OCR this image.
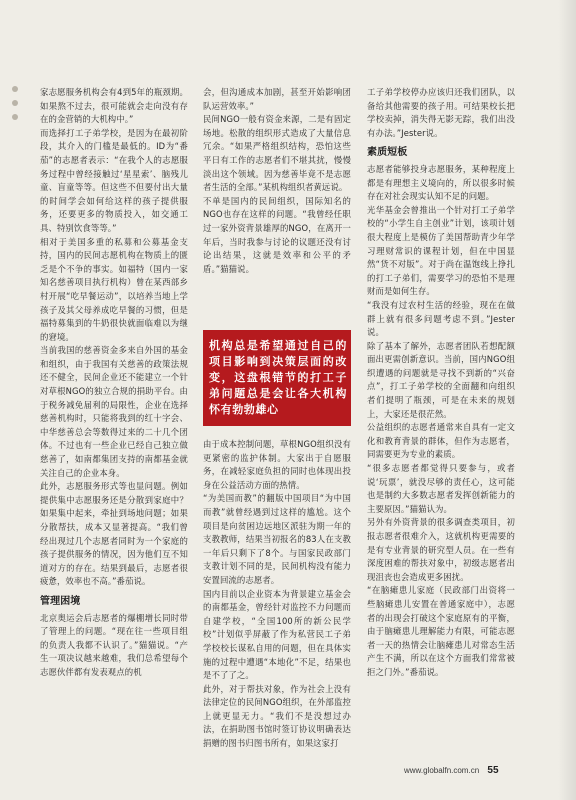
家志愿服务机构会有4到5年的瓶颈期。如果熬不过去，很可能就会走向没有存在的金营销的大机构中。”

而选择打工子弟学校，是因为在最初阶段，其介入的门槛是最低的。ID为“番茄”的志愿者表示：“在我个人的志愿服务过程中曾经接触过‘星星索’、脑残儿童、盲童等等。但这些不但要付出大量的时间学会如何给这样的孩子提供服务，还要更多的物质投入，如交通工具、特别饮食等等。”

相对于美国多重的私募和公募基金支持，国内的民间志愿机构在物质上的匮乏是个不争的事实。如福特（国内一家知名慈善项目执行机构）曾在某西部乡村开展“吃早餐运动”，以培养当地上学孩子及其父母养成吃早餐的习惯，但是福特募集到的牛奶很快就面临难以为继的窘境。

当前我国的慈善资金多来自外国的基金和组织，由于我国有关慈善的政策法规还不健全，民间企业还不能建立一个针对草根NGO的独立合规的捐助平台。由于税务减免届利的局限性，企业在选择慈善机构时，只能将我到的红十字会、中华慈善总会等数得过来的二十几个团体。不过也有一些企业已经自己独立做慈善了，如南都集团支持的南都基金就关注自己的企业本身。

此外，志愿服务形式等也显问题。例如提供集中志愿服务还是分散到家庭中？如果集中起来，牵扯到场地问题；如果分散帮扶，成本又显著提高。“我们曾经出现过几个志愿者同时为一个家庭的孩子提供服务的情况，因为他们互不知道对方的存在。结果到最后，志愿者很疲惫，效率也不高。”番茄说。

管理困境

北京奥运会后志愿者的爆棚增长同时带了管理上的问题。“现在往一些项目组的负责人我都不认识了。”猫猫说。“产生一项决议越来越难，我们总希望每个志愿伙伴都有发表观点的机

会，但沟通成本加剧，甚至开始影响团队运营效率。”

民间NGO一般有资金来源，二是有固定场地。松散的组织形式造成了大量信息冗余。“如果严格组织结构，恐怕这些平日有工作的志愿者们不堪其扰，慢慢淡出这个领域。因为慈善毕竟不是志愿者生活的全部。”某机构组织者黄远说。

不单是国内的民间组织，国际知名的NGO也存在这样的问题。“我曾经任职过一家外资背景雄厚的NGO，在离开一年后，当时我参与讨论的议题还没有讨论出结果，这就是效率和公平的矛盾。”猫猫说。

机构总是希望通过自己的项目影响到决策层面的改变，这盘根错节的打工子弟问题总是会让各大机构怀有勃勃雄心

由于成本控制问题，草根NGO组织没有更紧密的监护体制。大家出于自愿服务，在减轻家庭负担的同时也体现出投身在公益活动方面的热情。

“为美国而教”的翻版中国项目“为中国而教”就曾经遇到过这样的尴尬。这个项目是向贫困边远地区派驻为期一年的支教教师，结果当初报名的83人在支教一年后只剩下了8个。与国家民政部门支教计划不同的是，民间机构没有能力安置回流的志愿者。

国内目前以企业资本为背景建立基金会的南都基金，曾经针对监控不力问题而自建学校，“全国100所的新公民学校”计划似乎屏蔽了作为私营民工子弟学校校长谋私自用的问题，但在具体实施的过程中遭遇“本地化”不足，结果也是不了了之。

此外，对于帮扶对象，作为社会上没有法律定位的民间NGO组织，在外部监控上就更显无力。“我们不是没想过办法，在捐助图书馆时签订协议明确表达捐赠的图书归图书所有，如果这家打

工子弟学校停办应该归还我们团队，以备给其他需要的孩子用。可结果校长把学校卖掉，消失得无影无踪，我们出没有办法。”Jester说。

素质短板

志愿者能够投身志愿服务，某种程度上都是有理想主义境向的，所以很多时候存在对社会现实认知不足的问题。

光华基金会曾推出一个针对打工子弟学校的“小学生自主创业”计划，该项计划很大程度上是模仿了美国帮助青少年学习理财常识的课程计划，但在中国显然“货不对版”。对于尚在温饱线上挣扎的打工子弟们，需要学习的恐怕不是理财而是如何生存。

“我没有过农村生活的经验，现在在做群上就有很多问题考虑不到。”Jester说。

除了基本了解外，志愿者团队若想配额面出更需创新意识。当前，国内NGO组织遭遇的问题就是寻找不到新的“兴奋点”，打工子弟学校的全面翻和向组织者们提明了瓶颈，可是在未来的规划上，大家还是很茫然。

公益组织的志愿者通常来自具有一定文化和教育背景的群体，但作为志愿者，同需要更为专业的素质。

“很多志愿者都觉得只要参与，或者说‘玩票’，就没尽够的责任心，这可能也是制约大多数志愿者发挥创新能力的主要原因。”猫猫认为。

另外有外资背景的很多调查类项目，初报志愿者很难介入，这就机构更需要的是有专业背景的研究型人员。在一些有深度困难的帮扶对象中，初级志愿者出现沮丧也会造成更多困扰。

“在脑瘫患儿家庭（民政部门出资将一些脑瘫患儿安置在普通家庭中），志愿者的出现会打破这个家庭原有的平衡，由于脑瘫患儿理解能力有限，可能志愿者一天的热情会让脑瘫患儿对常态生活产生不满，所以在这个方面我们常常被拒之门外。”番茄说。

www.globalfn.com.cn 55
